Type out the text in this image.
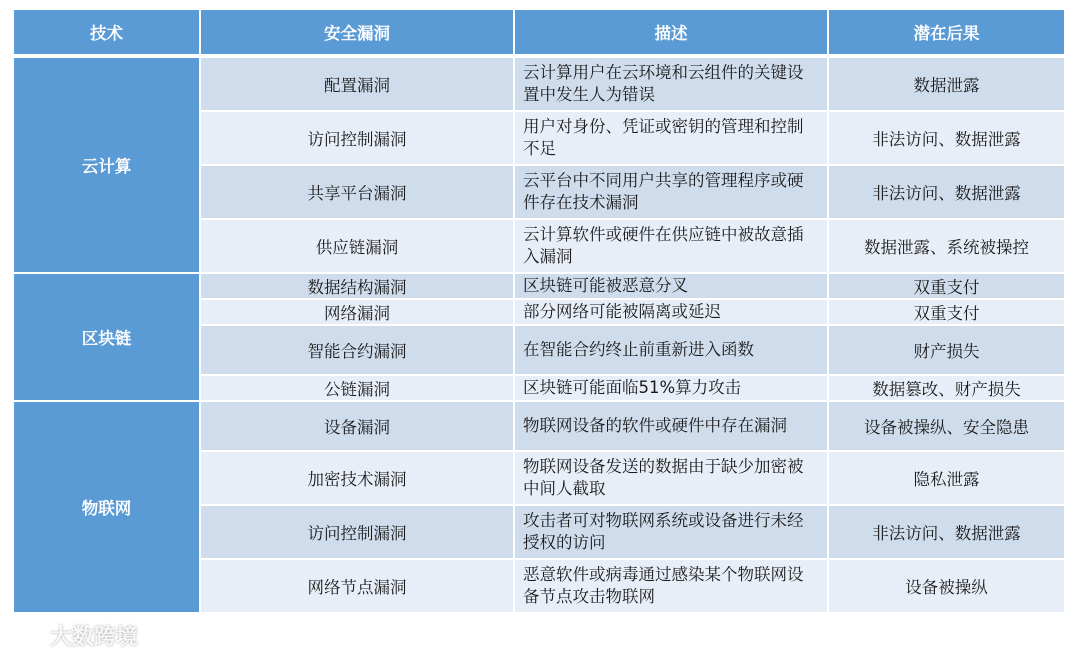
技术	安全漏洞	描述	潜在后果
云计算	配置漏洞	云计算用户在云环境和云组件的关键设置中发生人为错误	数据泄露
	访问控制漏洞	用户对身份、凭证或密钥的管理和控制不足	非法访问、数据泄露
	共享平台漏洞	云平台中不同用户共享的管理程序或硬件存在技术漏洞	非法访问、数据泄露
	供应链漏洞	云计算软件或硬件在供应链中被故意插入漏洞	数据泄露、系统被操控
区块链	数据结构漏洞	区块链可能被恶意分叉	双重支付
	网络漏洞	部分网络可能被隔离或延迟	双重支付
	智能合约漏洞	在智能合约终止前重新进入函数	财产损失
	公链漏洞	区块链可能面临51%算力攻击	数据篡改、财产损失
物联网	设备漏洞	物联网设备的软件或硬件中存在漏洞	设备被操纵、安全隐患
	加密技术漏洞	物联网设备发送的数据由于缺少加密被中间人截取	隐私泄露
	访问控制漏洞	攻击者可对物联网系统或设备进行未经授权的访问	非法访问、数据泄露
	网络节点漏洞	恶意软件或病毒通过感染某个物联网设备节点攻击物联网	设备被操纵
大数跨境
